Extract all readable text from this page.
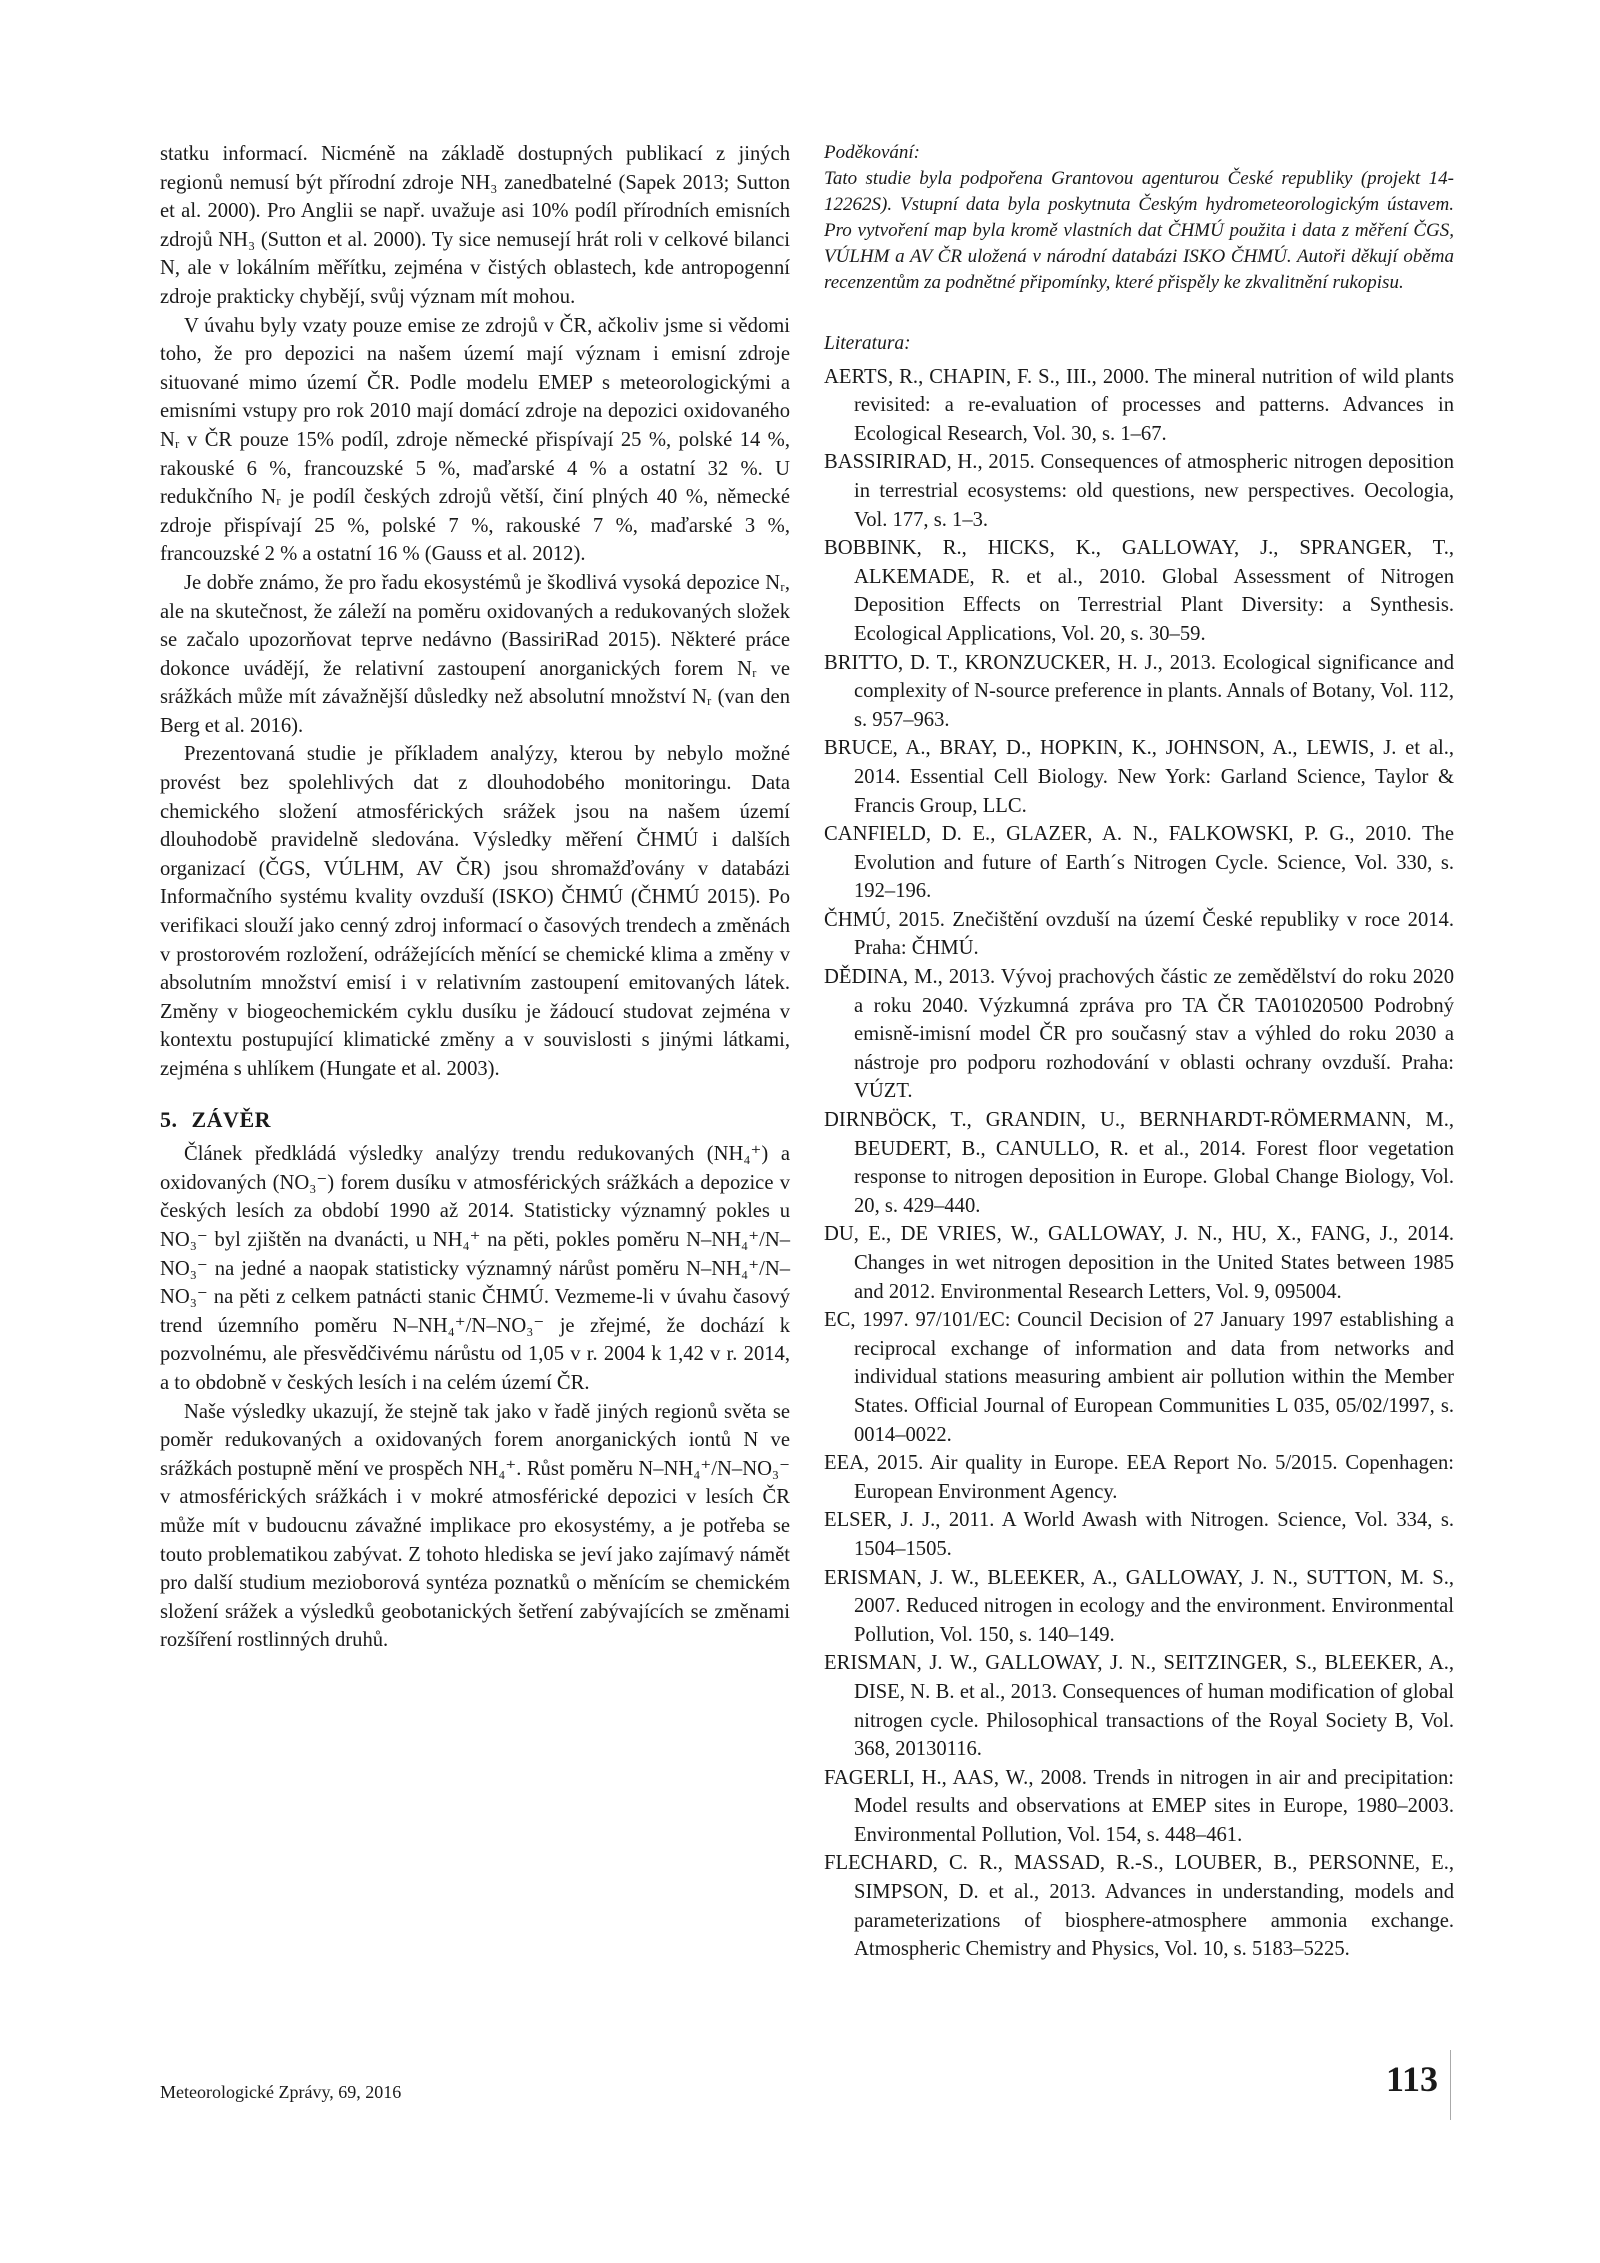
statku informací. Nicméně na základě dostupných publikací z jiných regionů nemusí být přírodní zdroje NH₃ zanedbatelné (Sapek 2013; Sutton et al. 2000). Pro Anglii se např. uvažuje asi 10% podíl přírodních emisních zdrojů NH₃ (Sutton et al. 2000). Ty sice nemusejí hrát roli v celkové bilanci N, ale v lokálním měřítku, zejména v čistých oblastech, kde antropogenní zdroje prakticky chybějí, svůj význam mít mohou.

V úvahu byly vzaty pouze emise ze zdrojů v ČR, ačkoliv jsme si vědomi toho, že pro depozici na našem území mají význam i emisní zdroje situované mimo území ČR. Podle modelu EMEP s meteorologickými a emisními vstupy pro rok 2010 mají domácí zdroje na depozici oxidovaného Nᵣ v ČR pouze 15% podíl, zdroje německé přispívají 25 %, polské 14 %, rakouské 6 %, francouzské 5 %, maďarské 4 % a ostatní 32 %. U redukčního Nᵣ je podíl českých zdrojů větší, činí plných 40 %, německé zdroje přispívají 25 %, polské 7 %, rakouské 7 %, maďarské 3 %, francouzské 2 % a ostatní 16 % (Gauss et al. 2012).

Je dobře známo, že pro řadu ekosystémů je škodlivá vysoká depozice Nᵣ, ale na skutečnost, že záleží na poměru oxidovaných a redukovaných složek se začalo upozorňovat teprve nedávno (BassiriRad 2015). Některé práce dokonce uvádějí, že relativní zastoupení anorganických forem Nᵣ ve srážkách může mít závažnější důsledky než absolutní množství Nᵣ (van den Berg et al. 2016).

Prezentovaná studie je příkladem analýzy, kterou by nebylo možné provést bez spolehlivých dat z dlouhodobého monitoringu. Data chemického složení atmosférických srážek jsou na našem území dlouhodobě pravidelně sledována. Výsledky měření ČHMÚ i dalších organizací (ČGS, VÚLHM, AV ČR) jsou shromažďovány v databázi Informačního systému kvality ovzduší (ISKO) ČHMÚ (ČHMÚ 2015). Po verifikaci slouží jako cenný zdroj informací o časových trendech a změnách v prostorovém rozložení, odrážejících měnící se chemické klima a změny v absolutním množství emisí i v relativním zastoupení emitovaných látek. Změny v biogeochemickém cyklu dusíku je žádoucí studovat zejména v kontextu postupující klimatické změny a v souvislosti s jinými látkami, zejména s uhlíkem (Hungate et al. 2003).

5. ZÁVĚR

Článek předkládá výsledky analýzy trendu redukovaných (NH₄⁺) a oxidovaných (NO₃⁻) forem dusíku v atmosférických srážkách a depozice v českých lesích za období 1990 až 2014. Statisticky významný pokles u NO₃⁻ byl zjištěn na dvanácti, u NH₄⁺ na pěti, pokles poměru N–NH₄⁺/N–NO₃⁻ na jedné a naopak statisticky významný nárůst poměru N–NH₄⁺/N–NO₃⁻ na pěti z celkem patnácti stanic ČHMÚ. Vezmeme-li v úvahu časový trend územního poměru N–NH₄⁺/N–NO₃⁻ je zřejmé, že dochází k pozvolnému, ale přesvědčivému nárůstu od 1,05 v r. 2004 k 1,42 v r. 2014, a to obdobně v českých lesích i na celém území ČR.

Naše výsledky ukazují, že stejně tak jako v řadě jiných regionů světa se poměr redukovaných a oxidovaných forem anorganických iontů N ve srážkách postupně mění ve prospěch NH₄⁺. Růst poměru N–NH₄⁺/N–NO₃⁻ v atmosférických srážkách i v mokré atmosférické depozici v lesích ČR může mít v budoucnu závažné implikace pro ekosystémy, a je potřeba se touto problematikou zabývat. Z tohoto hlediska se jeví jako zajímavý námět pro další studium mezioborová syntéza poznatků o měnícím se chemickém složení srážek a výsledků geobotanických šetření zabývajících se změnami rozšíření rostlinných druhů.

Poděkování:

Tato studie byla podpořena Grantovou agenturou České republiky (projekt 14-12262S). Vstupní data byla poskytnuta Českým hydrometeorologickým ústavem. Pro vytvoření map byla kromě vlastních dat ČHMÚ použita i data z měření ČGS, VÚLHM a AV ČR uložená v národní databázi ISKO ČHMÚ. Autoři děkují oběma recenzentům za podnětné připomínky, které přispěly ke zkvalitnění rukopisu.

Literatura:

AERTS, R., CHAPIN, F. S., III., 2000. The mineral nutrition of wild plants revisited: a re-evaluation of processes and patterns. Advances in Ecological Research, Vol. 30, s. 1–67.

BASSIRIRAD, H., 2015. Consequences of atmospheric nitrogen deposition in terrestrial ecosystems: old questions, new perspectives. Oecologia, Vol. 177, s. 1–3.

BOBBINK, R., HICKS, K., GALLOWAY, J., SPRANGER, T., ALKEMADE, R. et al., 2010. Global Assessment of Nitrogen Deposition Effects on Terrestrial Plant Diversity: a Synthesis. Ecological Applications, Vol. 20, s. 30–59.

BRITTO, D. T., KRONZUCKER, H. J., 2013. Ecological significance and complexity of N-source preference in plants. Annals of Botany, Vol. 112, s. 957–963.

BRUCE, A., BRAY, D., HOPKIN, K., JOHNSON, A., LEWIS, J. et al., 2014. Essential Cell Biology. New York: Garland Science, Taylor & Francis Group, LLC.

CANFIELD, D. E., GLAZER, A. N., FALKOWSKI, P. G., 2010. The Evolution and future of Earth´s Nitrogen Cycle. Science, Vol. 330, s. 192–196.

ČHMÚ, 2015. Znečištění ovzduší na území České republiky v roce 2014. Praha: ČHMÚ.

DĚDINA, M., 2013. Vývoj prachových částic ze zemědělství do roku 2020 a roku 2040. Výzkumná zpráva pro TA ČR TA01020500 Podrobný emisně-imisní model ČR pro současný stav a výhled do roku 2030 a nástroje pro podporu rozhodování v oblasti ochrany ovzduší. Praha: VÚZT.

DIRNBÖCK, T., GRANDIN, U., BERNHARDT-RÖMERMANN, M., BEUDERT, B., CANULLO, R. et al., 2014. Forest floor vegetation response to nitrogen deposition in Europe. Global Change Biology, Vol. 20, s. 429–440.

DU, E., DE VRIES, W., GALLOWAY, J. N., HU, X., FANG, J., 2014. Changes in wet nitrogen deposition in the United States between 1985 and 2012. Environmental Research Letters, Vol. 9, 095004.

EC, 1997. 97/101/EC: Council Decision of 27 January 1997 establishing a reciprocal exchange of information and data from networks and individual stations measuring ambient air pollution within the Member States. Official Journal of European Communities L 035, 05/02/1997, s. 0014–0022.

EEA, 2015. Air quality in Europe. EEA Report No. 5/2015. Copenhagen: European Environment Agency.

ELSER, J. J., 2011. A World Awash with Nitrogen. Science, Vol. 334, s. 1504–1505.

ERISMAN, J. W., BLEEKER, A., GALLOWAY, J. N., SUTTON, M. S., 2007. Reduced nitrogen in ecology and the environment. Environmental Pollution, Vol. 150, s. 140–149.

ERISMAN, J. W., GALLOWAY, J. N., SEITZINGER, S., BLEEKER, A., DISE, N. B. et al., 2013. Consequences of human modification of global nitrogen cycle. Philosophical transactions of the Royal Society B, Vol. 368, 20130116.

FAGERLI, H., AAS, W., 2008. Trends in nitrogen in air and precipitation: Model results and observations at EMEP sites in Europe, 1980–2003. Environmental Pollution, Vol. 154, s. 448–461.

FLECHARD, C. R., MASSAD, R.-S., LOUBER, B., PERSONNE, E., SIMPSON, D. et al., 2013. Advances in understanding, models and parameterizations of biosphere-atmosphere ammonia exchange. Atmospheric Chemistry and Physics, Vol. 10, s. 5183–5225.

Meteorologické Zprávy, 69, 2016	113
